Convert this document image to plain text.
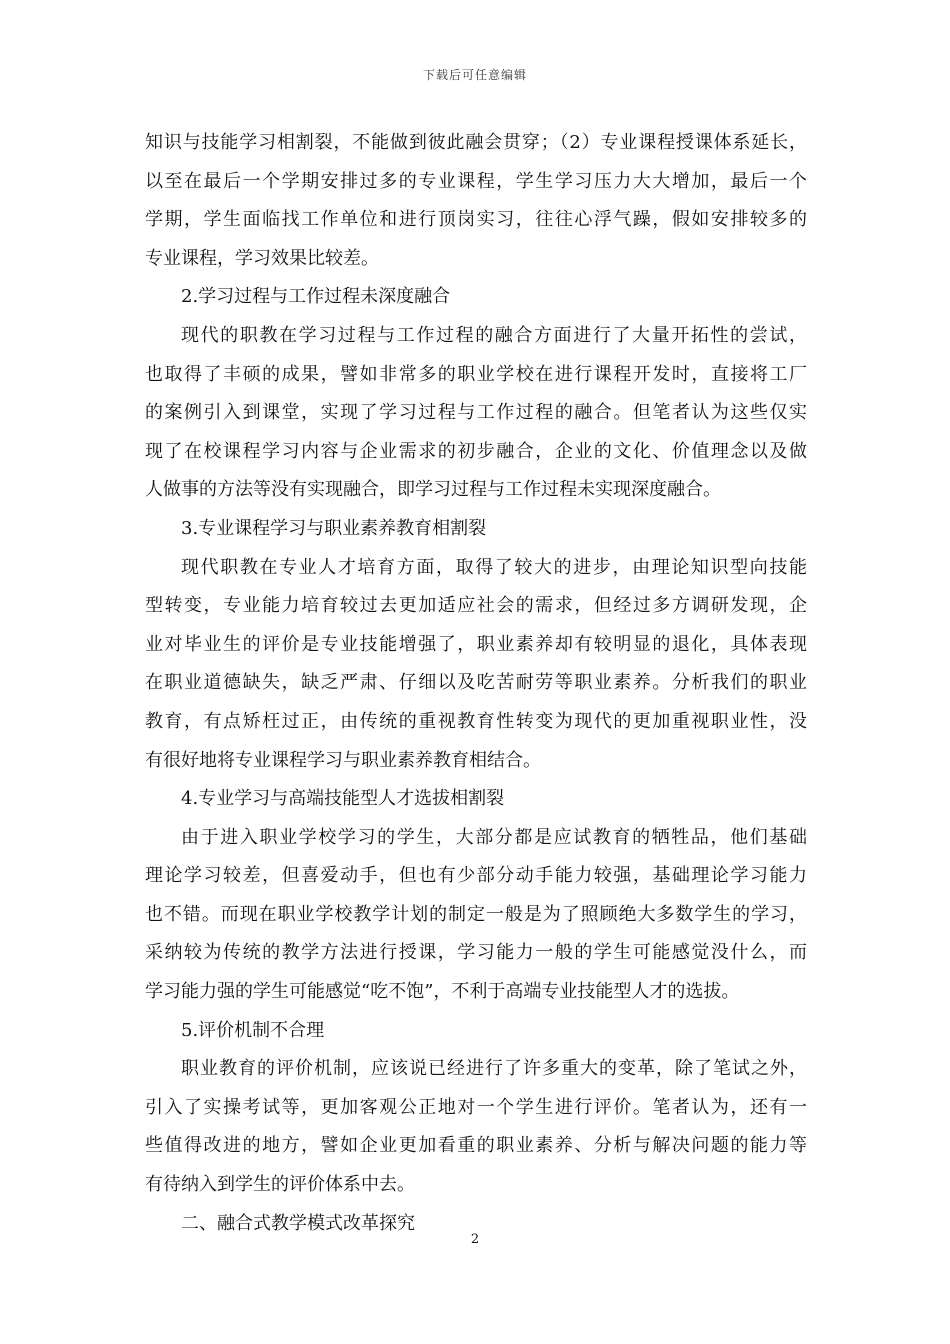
下载后可任意编辑
知识与技能学习相割裂，不能做到彼此融会贯穿；（2）专业课程授课体系延长，
以至在最后一个学期安排过多的专业课程，学生学习压力大大增加，最后一个
学期，学生面临找工作单位和进行顶岗实习，往往心浮气躁，假如安排较多的
专业课程，学习效果比较差。
2.学习过程与工作过程未深度融合
现代的职教在学习过程与工作过程的融合方面进行了大量开拓性的尝试，
也取得了丰硕的成果，譬如非常多的职业学校在进行课程开发时，直接将工厂
的案例引入到课堂，实现了学习过程与工作过程的融合。但笔者认为这些仅实
现了在校课程学习内容与企业需求的初步融合，企业的文化、价值理念以及做
人做事的方法等没有实现融合，即学习过程与工作过程未实现深度融合。
3.专业课程学习与职业素养教育相割裂
现代职教在专业人才培育方面，取得了较大的进步，由理论知识型向技能
型转变，专业能力培育较过去更加适应社会的需求，但经过多方调研发现，企
业对毕业生的评价是专业技能增强了，职业素养却有较明显的退化，具体表现
在职业道德缺失，缺乏严肃、仔细以及吃苦耐劳等职业素养。分析我们的职业
教育，有点矫枉过正，由传统的重视教育性转变为现代的更加重视职业性，没
有很好地将专业课程学习与职业素养教育相结合。
4.专业学习与高端技能型人才选拔相割裂
由于进入职业学校学习的学生，大部分都是应试教育的牺牲品，他们基础
理论学习较差，但喜爱动手，但也有少部分动手能力较强，基础理论学习能力
也不错。而现在职业学校教学计划的制定一般是为了照顾绝大多数学生的学习，
采纳较为传统的教学方法进行授课，学习能力一般的学生可能感觉没什么，而
学习能力强的学生可能感觉“吃不饱”，不利于高端专业技能型人才的选拔。
5.评价机制不合理
职业教育的评价机制，应该说已经进行了许多重大的变革，除了笔试之外，
引入了实操考试等，更加客观公正地对一个学生进行评价。笔者认为，还有一
些值得改进的地方，譬如企业更加看重的职业素养、分析与解决问题的能力等
有待纳入到学生的评价体系中去。
二、融合式教学模式改革探究
2
